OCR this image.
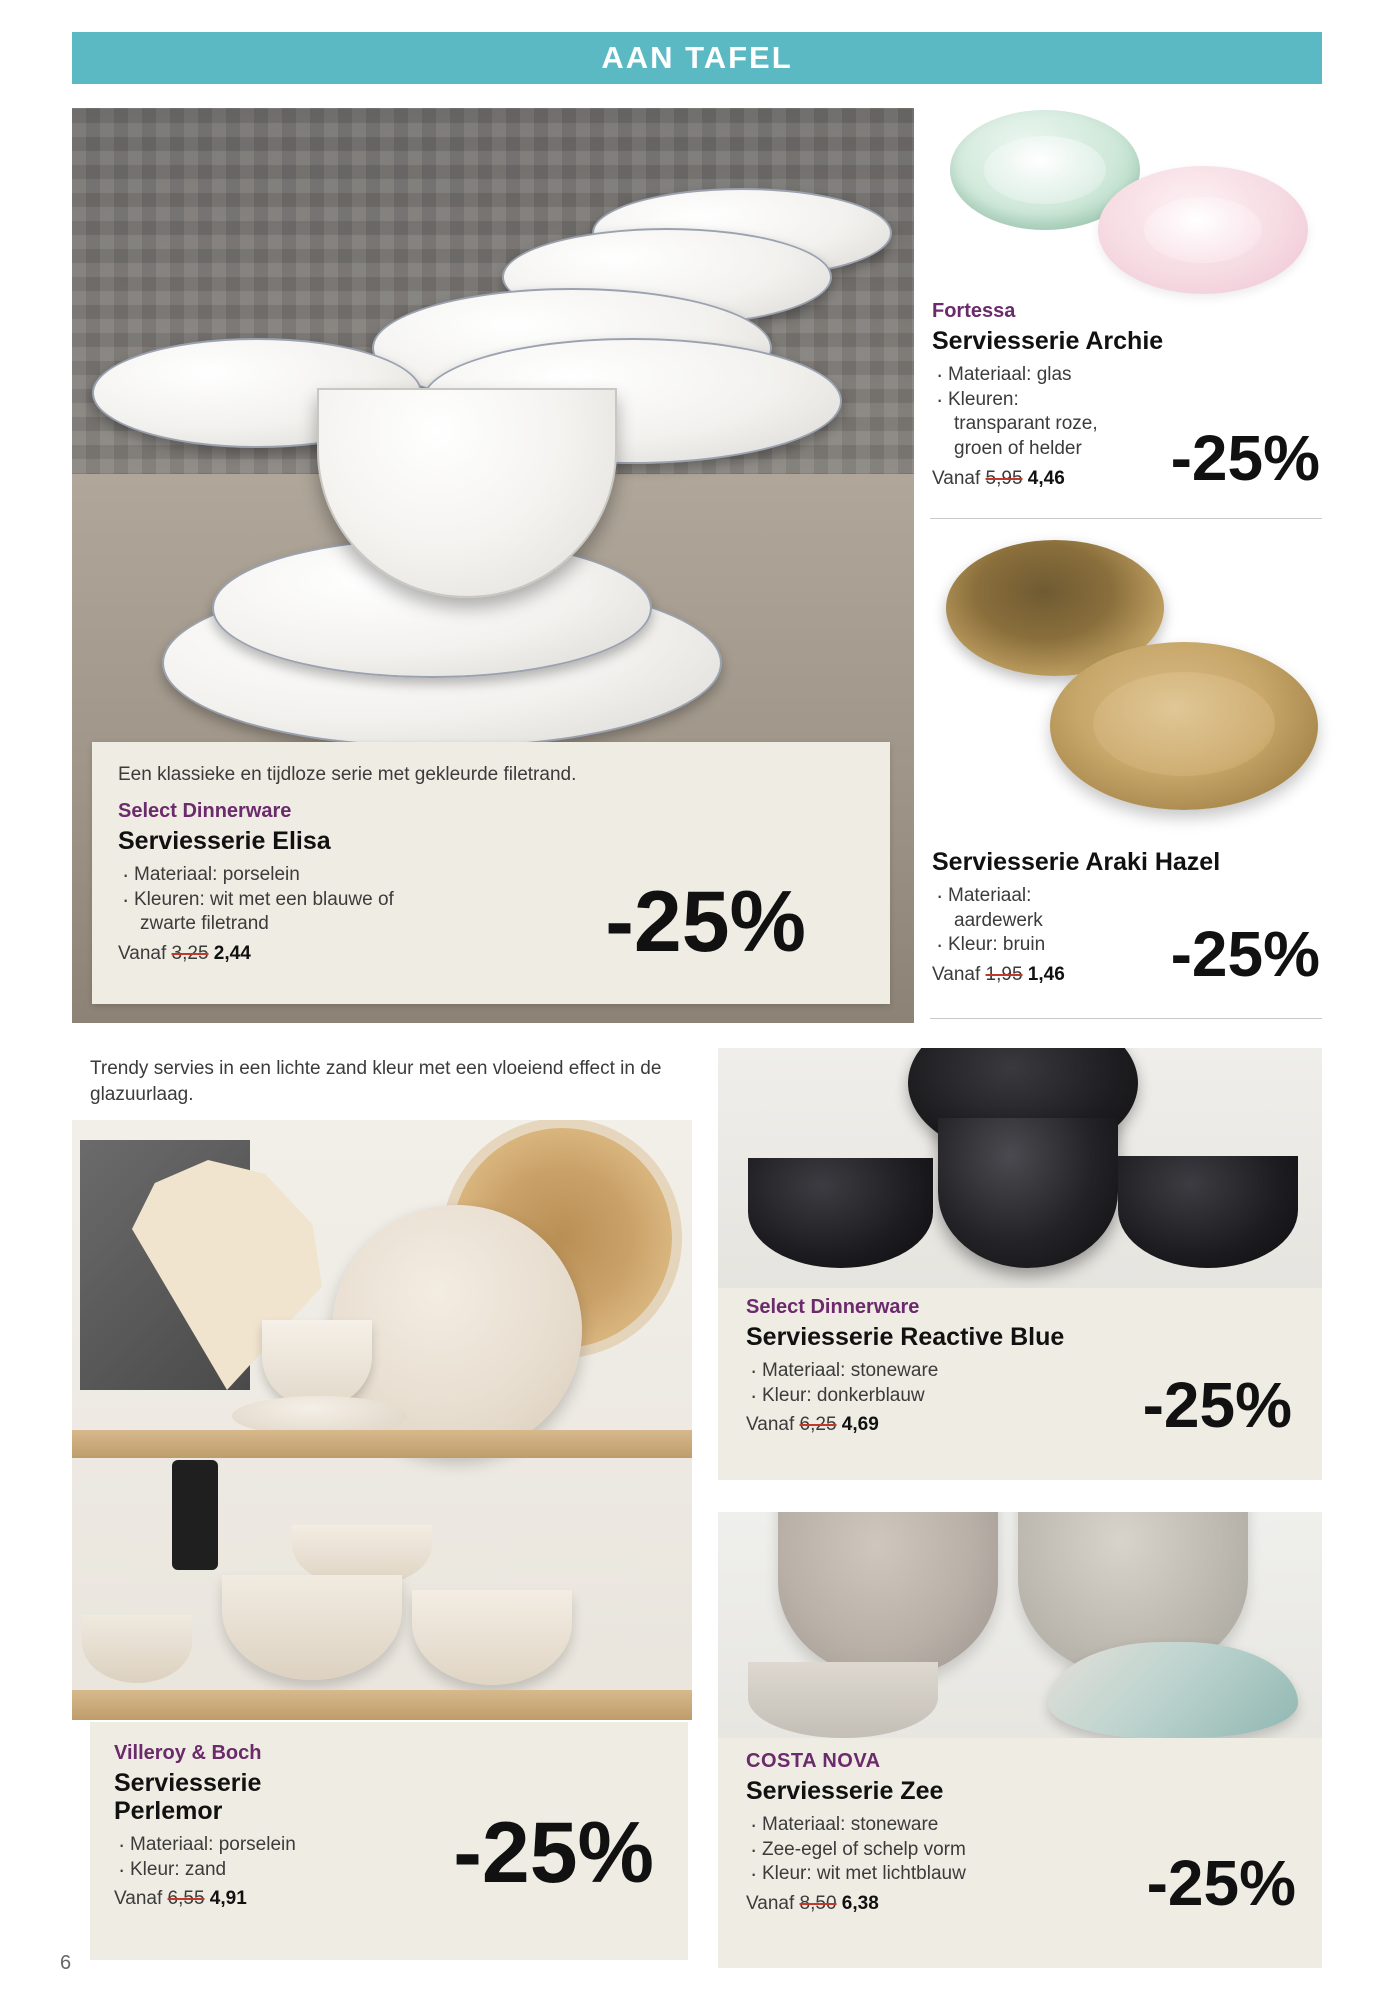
AAN TAFEL
Een klassieke en tijdloze serie met gekleurde filetrand.
Select Dinnerware
Serviesserie Elisa
· Materiaal: porselein
· Kleuren: wit met een blauwe of
zwarte filetrand
Vanaf 3,25 2,44	-25%
Fortessa
Serviesserie Archie
· Materiaal: glas
· Kleuren:
transparant roze,
groen of helder
Vanaf 5,95 4,46	-25%
Serviesserie Araki Hazel
· Materiaal:
aardewerk
· Kleur: bruin
Vanaf 1,95 1,46	-25%
Trendy servies in een lichte zand kleur met een vloeiend effect in de glazuurlaag.
Villeroy & Boch
Serviesserie
Perlemor
· Materiaal: porselein
· Kleur: zand
Vanaf 6,55 4,91	-25%
Select Dinnerware
Serviesserie Reactive Blue
· Materiaal: stoneware
· Kleur: donkerblauw
Vanaf 6,25 4,69	-25%
COSTA NOVA
Serviesserie Zee
· Materiaal: stoneware
· Zee-egel of schelp vorm
· Kleur: wit met lichtblauw
Vanaf 8,50 6,38	-25%
6
